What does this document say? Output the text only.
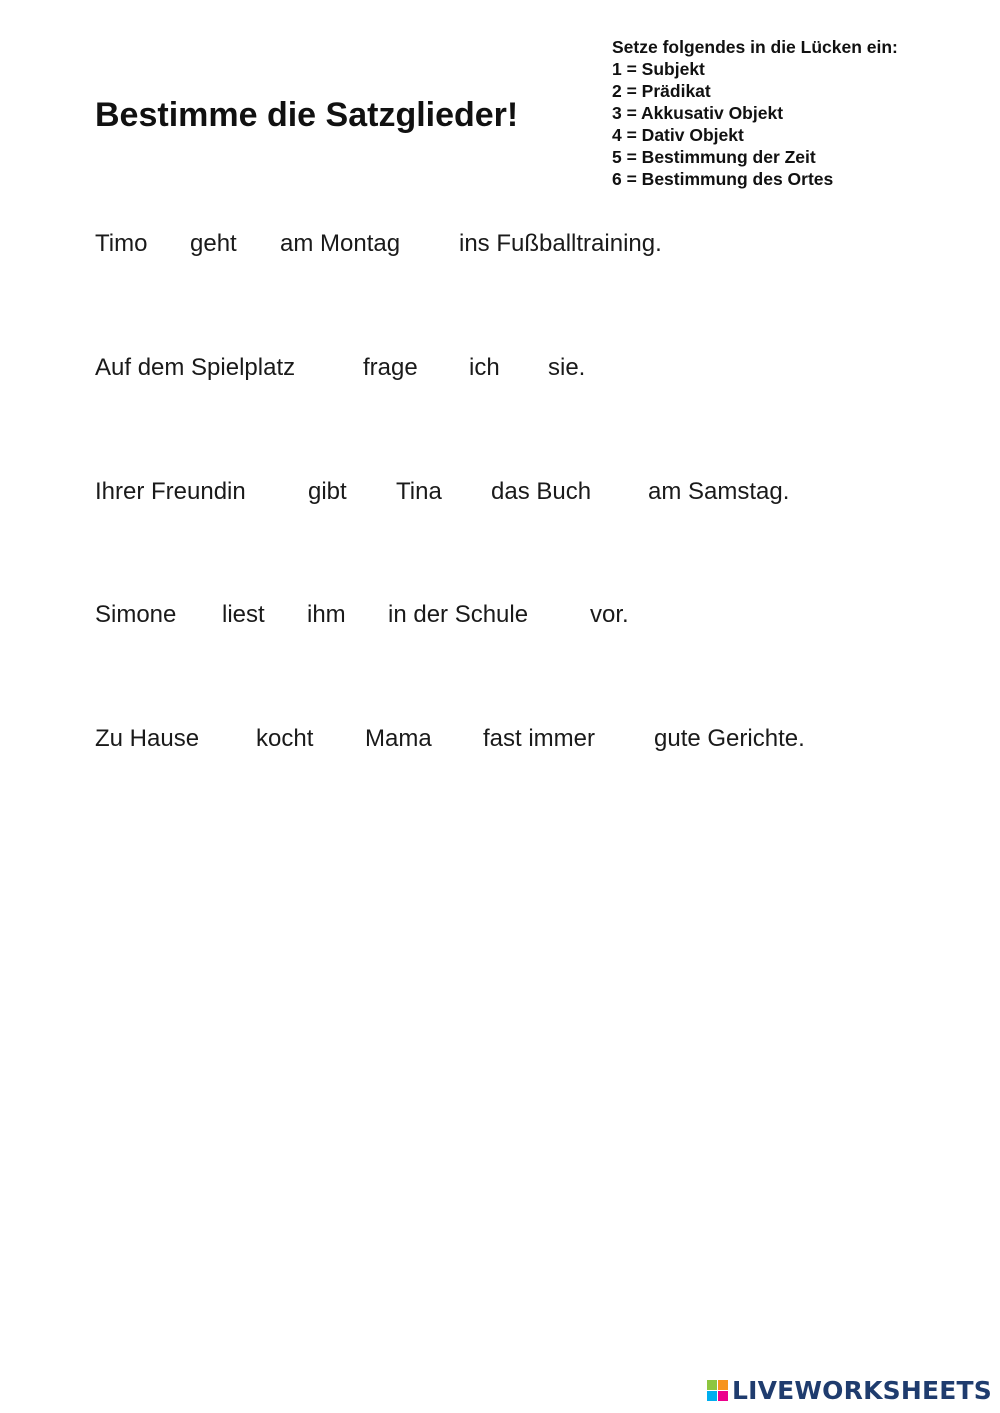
Bestimme die Satzglieder!
Setze folgendes in die Lücken ein:
1 = Subjekt
2 = Prädikat
3 = Akkusativ Objekt
4 = Dativ Objekt
5 = Bestimmung der Zeit
6 = Bestimmung des Ortes
Timo geht am Montag ins Fußballtraining.
Auf dem Spielplatz	frage ich sie.
Ihrer Freundin	gibt Tina das Buch am Samstag.
Simone liest ihm in der Schule	vor.
Zu Hause kocht Mama fast immer gute Gerichte.
LIVEWORKSHEETS
